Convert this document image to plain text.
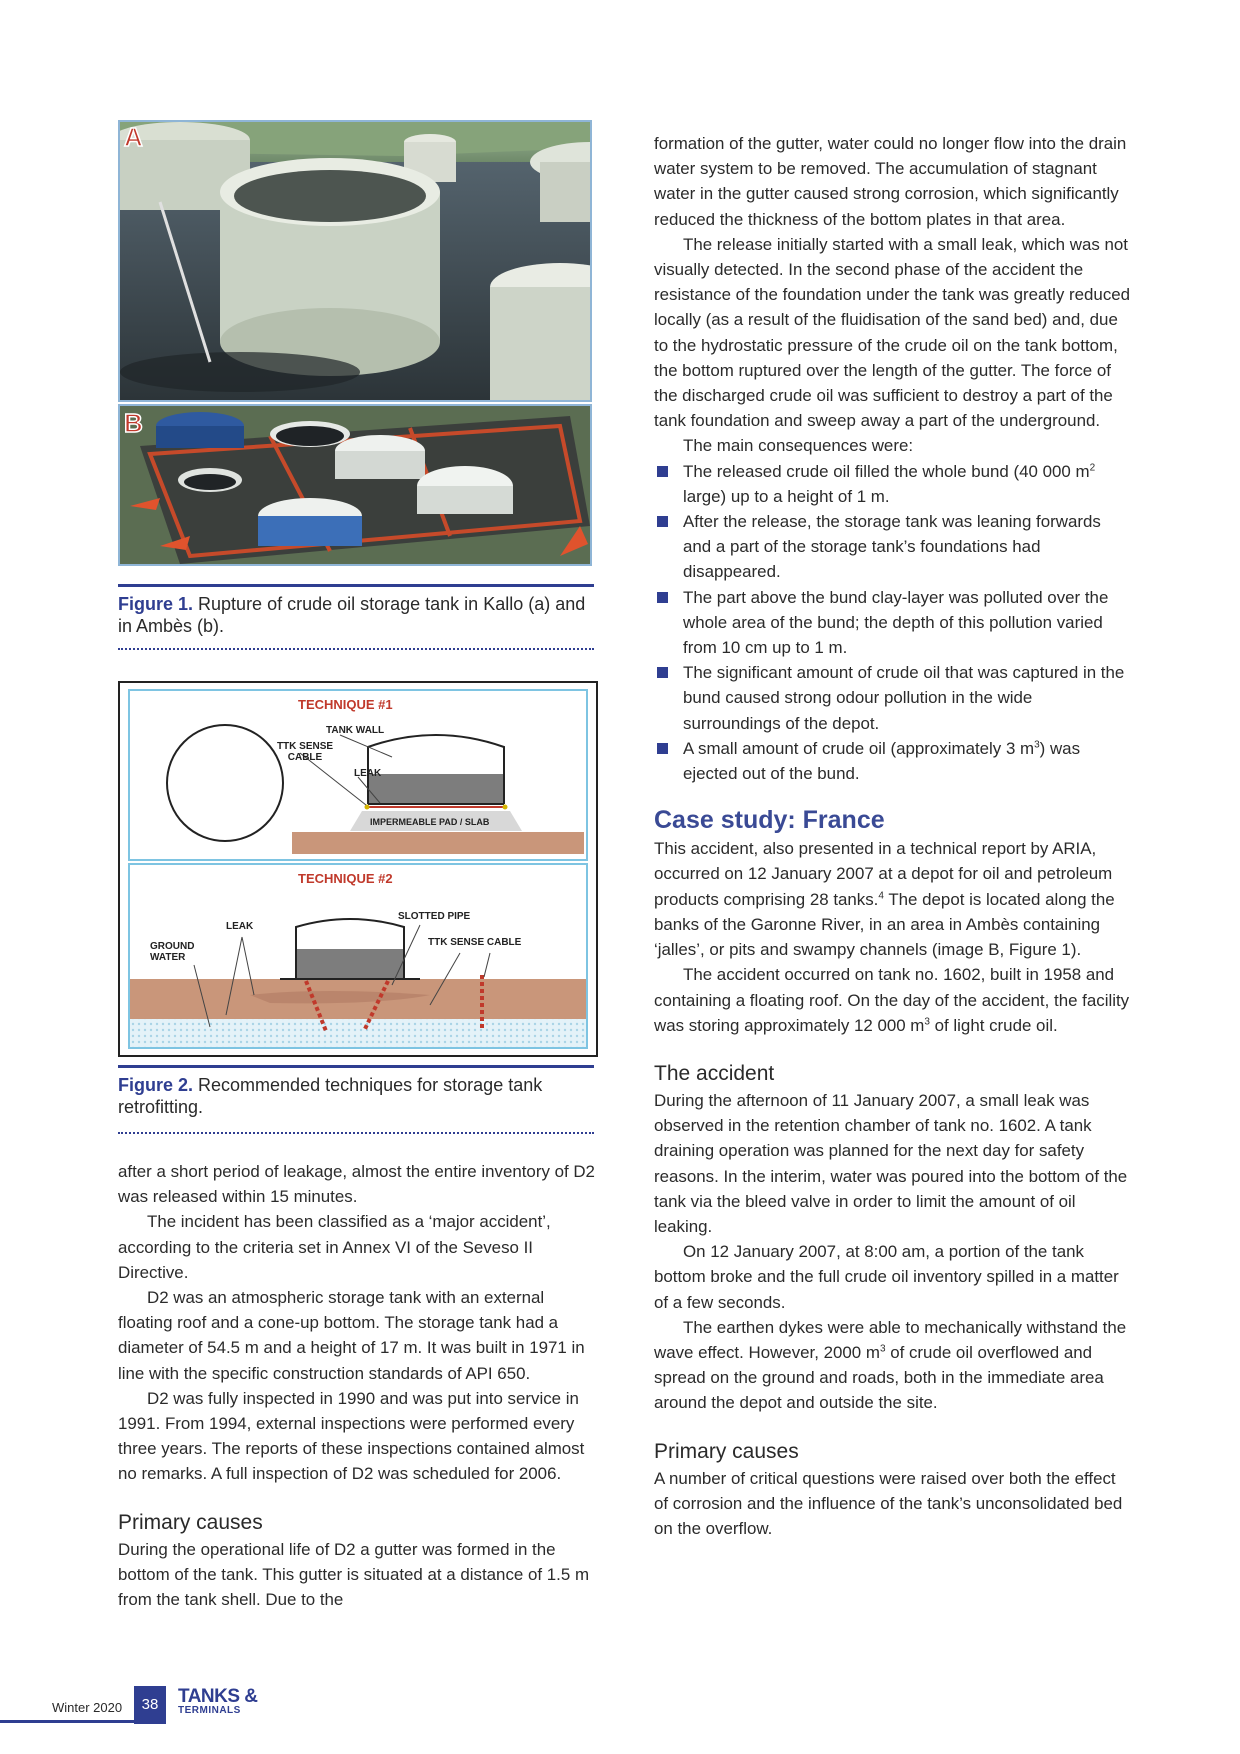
A
B
Figure 1. Rupture of crude oil storage tank in Kallo (a) and in Ambès (b).
TECHNIQUE #1
TANK WALL
TTK SENSE CABLE
LEAK
IMPERMEABLE PAD / SLAB
TECHNIQUE #2
SLOTTED PIPE
TTK SENSE CABLE
LEAK
GROUND WATER
Figure 2. Recommended techniques for storage tank retrofitting.

after a short period of leakage, almost the entire inventory of D2 was released within 15 minutes.

The incident has been classified as a ‘major accident’, according to the criteria set in Annex VI of the Seveso II Directive.

D2 was an atmospheric storage tank with an external floating roof and a cone-up bottom. The storage tank had a diameter of 54.5 m and a height of 17 m. It was built in 1971 in line with the specific construction standards of API 650.

D2 was fully inspected in 1990 and was put into service in 1991. From 1994, external inspections were performed every three years. The reports of these inspections contained almost no remarks. A full inspection of D2 was scheduled for 2006.

Primary causes

During the operational life of D2 a gutter was formed in the bottom of the tank. This gutter is situated at a distance of 1.5 m from the tank shell. Due to the

formation of the gutter, water could no longer flow into the drain water system to be removed. The accumulation of stagnant water in the gutter caused strong corrosion, which significantly reduced the thickness of the bottom plates in that area.

The release initially started with a small leak, which was not visually detected. In the second phase of the accident the resistance of the foundation under the tank was greatly reduced locally (as a result of the fluidisation of the sand bed) and, due to the hydrostatic pressure of the crude oil on the tank bottom, the bottom ruptured over the length of the gutter. The force of the discharged crude oil was sufficient to destroy a part of the tank foundation and sweep away a part of the underground.

The main consequences were:

The released crude oil filled the whole bund (40 000 $m^2$ large) up to a height of 1 m.
After the release, the storage tank was leaning forwards and a part of the storage tank’s foundations had disappeared.
The part above the bund clay-layer was polluted over the whole area of the bund; the depth of this pollution varied from 10 cm up to 1 m.
The significant amount of crude oil that was captured in the bund caused strong odour pollution in the wide surroundings of the depot.
A small amount of crude oil (approximately 3 $m^3$) was ejected out of the bund.
Case study: France

This accident, also presented in a technical report by ARIA, occurred on 12 January 2007 at a depot for oil and petroleum products comprising 28 tanks.$^4$ The depot is located along the banks of the Garonne River, in an area in Ambès containing ‘jalles’, or pits and swampy channels (image B, Figure 1).

The accident occurred on tank no. 1602, built in 1958 and containing a floating roof. On the day of the accident, the facility was storing approximately 12 000 $m^3$ of light crude oil.

The accident

During the afternoon of 11 January 2007, a small leak was observed in the retention chamber of tank no. 1602. A tank draining operation was planned for the next day for safety reasons. In the interim, water was poured into the bottom of the tank via the bleed valve in order to limit the amount of oil leaking.

On 12 January 2007, at 8:00 am, a portion of the tank bottom broke and the full crude oil inventory spilled in a matter of a few seconds.

The earthen dykes were able to mechanically withstand the wave effect. However, 2000 $m^3$ of crude oil overflowed and spread on the ground and roads, both in the immediate area around the depot and outside the site.

Primary causes

A number of critical questions were raised over both the effect of corrosion and the influence of the tank’s unconsolidated bed on the overflow.

Winter 2020	38	TANKS &
TERMINALS
